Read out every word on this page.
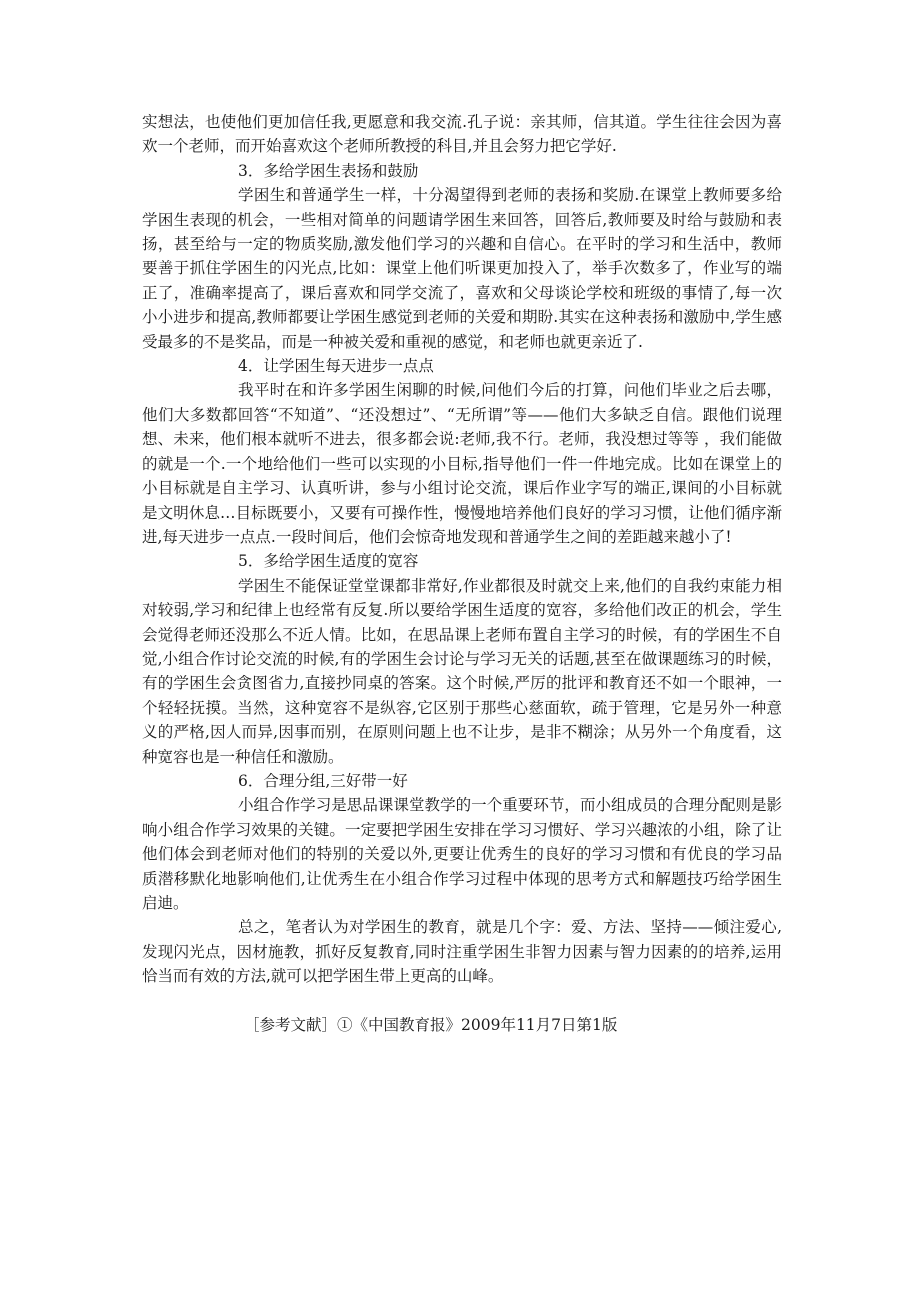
实想法，也使他们更加信任我,更愿意和我交流.孔子说：亲其师，信其道。学生往往会因为喜欢一个老师，而开始喜欢这个老师所教授的科目,并且会努力把它学好.

3．多给学困生表扬和鼓励

学困生和普通学生一样，十分渴望得到老师的表扬和奖励.在课堂上教师要多给学困生表现的机会，一些相对简单的问题请学困生来回答，回答后,教师要及时给与鼓励和表扬，甚至给与一定的物质奖励,激发他们学习的兴趣和自信心。在平时的学习和生活中，教师要善于抓住学困生的闪光点,比如：课堂上他们听课更加投入了，举手次数多了，作业写的端正了，准确率提高了，课后喜欢和同学交流了，喜欢和父母谈论学校和班级的事情了,每一次小小进步和提高,教师都要让学困生感觉到老师的关爱和期盼.其实在这种表扬和激励中,学生感受最多的不是奖品，而是一种被关爱和重视的感觉，和老师也就更亲近了.

4．让学困生每天进步一点点

我平时在和许多学困生闲聊的时候,问他们今后的打算，问他们毕业之后去哪，他们大多数都回答“不知道”、“还没想过”、“无所谓”等——他们大多缺乏自信。跟他们说理想、未来，他们根本就听不进去，很多都会说:老师,我不行。老师，我没想过等等 ，我们能做的就是一个.一个地给他们一些可以实现的小目标,指导他们一件一件地完成。比如在课堂上的小目标就是自主学习、认真听讲，参与小组讨论交流，课后作业字写的端正,课间的小目标就是文明休息…目标既要小，又要有可操作性，慢慢地培养他们良好的学习习惯，让他们循序渐进,每天进步一点点.一段时间后，他们会惊奇地发现和普通学生之间的差距越来越小了!

5．多给学困生适度的宽容

学困生不能保证堂堂课都非常好,作业都很及时就交上来,他们的自我约束能力相对较弱,学习和纪律上也经常有反复.所以要给学困生适度的宽容，多给他们改正的机会，学生会觉得老师还没那么不近人情。比如，在思品课上老师布置自主学习的时候，有的学困生不自觉,小组合作讨论交流的时候,有的学困生会讨论与学习无关的话题,甚至在做课题练习的时候，有的学困生会贪图省力,直接抄同桌的答案。这个时候,严厉的批评和教育还不如一个眼神，一个轻轻抚摸。当然，这种宽容不是纵容,它区别于那些心慈面软，疏于管理，它是另外一种意义的严格,因人而异,因事而别，在原则问题上也不让步，是非不糊涂；从另外一个角度看，这种宽容也是一种信任和激励。

6．合理分组,三好带一好

小组合作学习是思品课课堂教学的一个重要环节，而小组成员的合理分配则是影响小组合作学习效果的关键。一定要把学困生安排在学习习惯好、学习兴趣浓的小组，除了让他们体会到老师对他们的特别的关爱以外,更要让优秀生的良好的学习习惯和有优良的学习品质潜移默化地影响他们,让优秀生在小组合作学习过程中体现的思考方式和解题技巧给学困生启迪。

总之，笔者认为对学困生的教育，就是几个字：爱、方法、坚持——倾注爱心,发现闪光点，因材施教，抓好反复教育,同时注重学困生非智力因素与智力因素的的培养,运用恰当而有效的方法,就可以把学困生带上更高的山峰。

［参考文献］①《中国教育报》2009年11月7日第1版
